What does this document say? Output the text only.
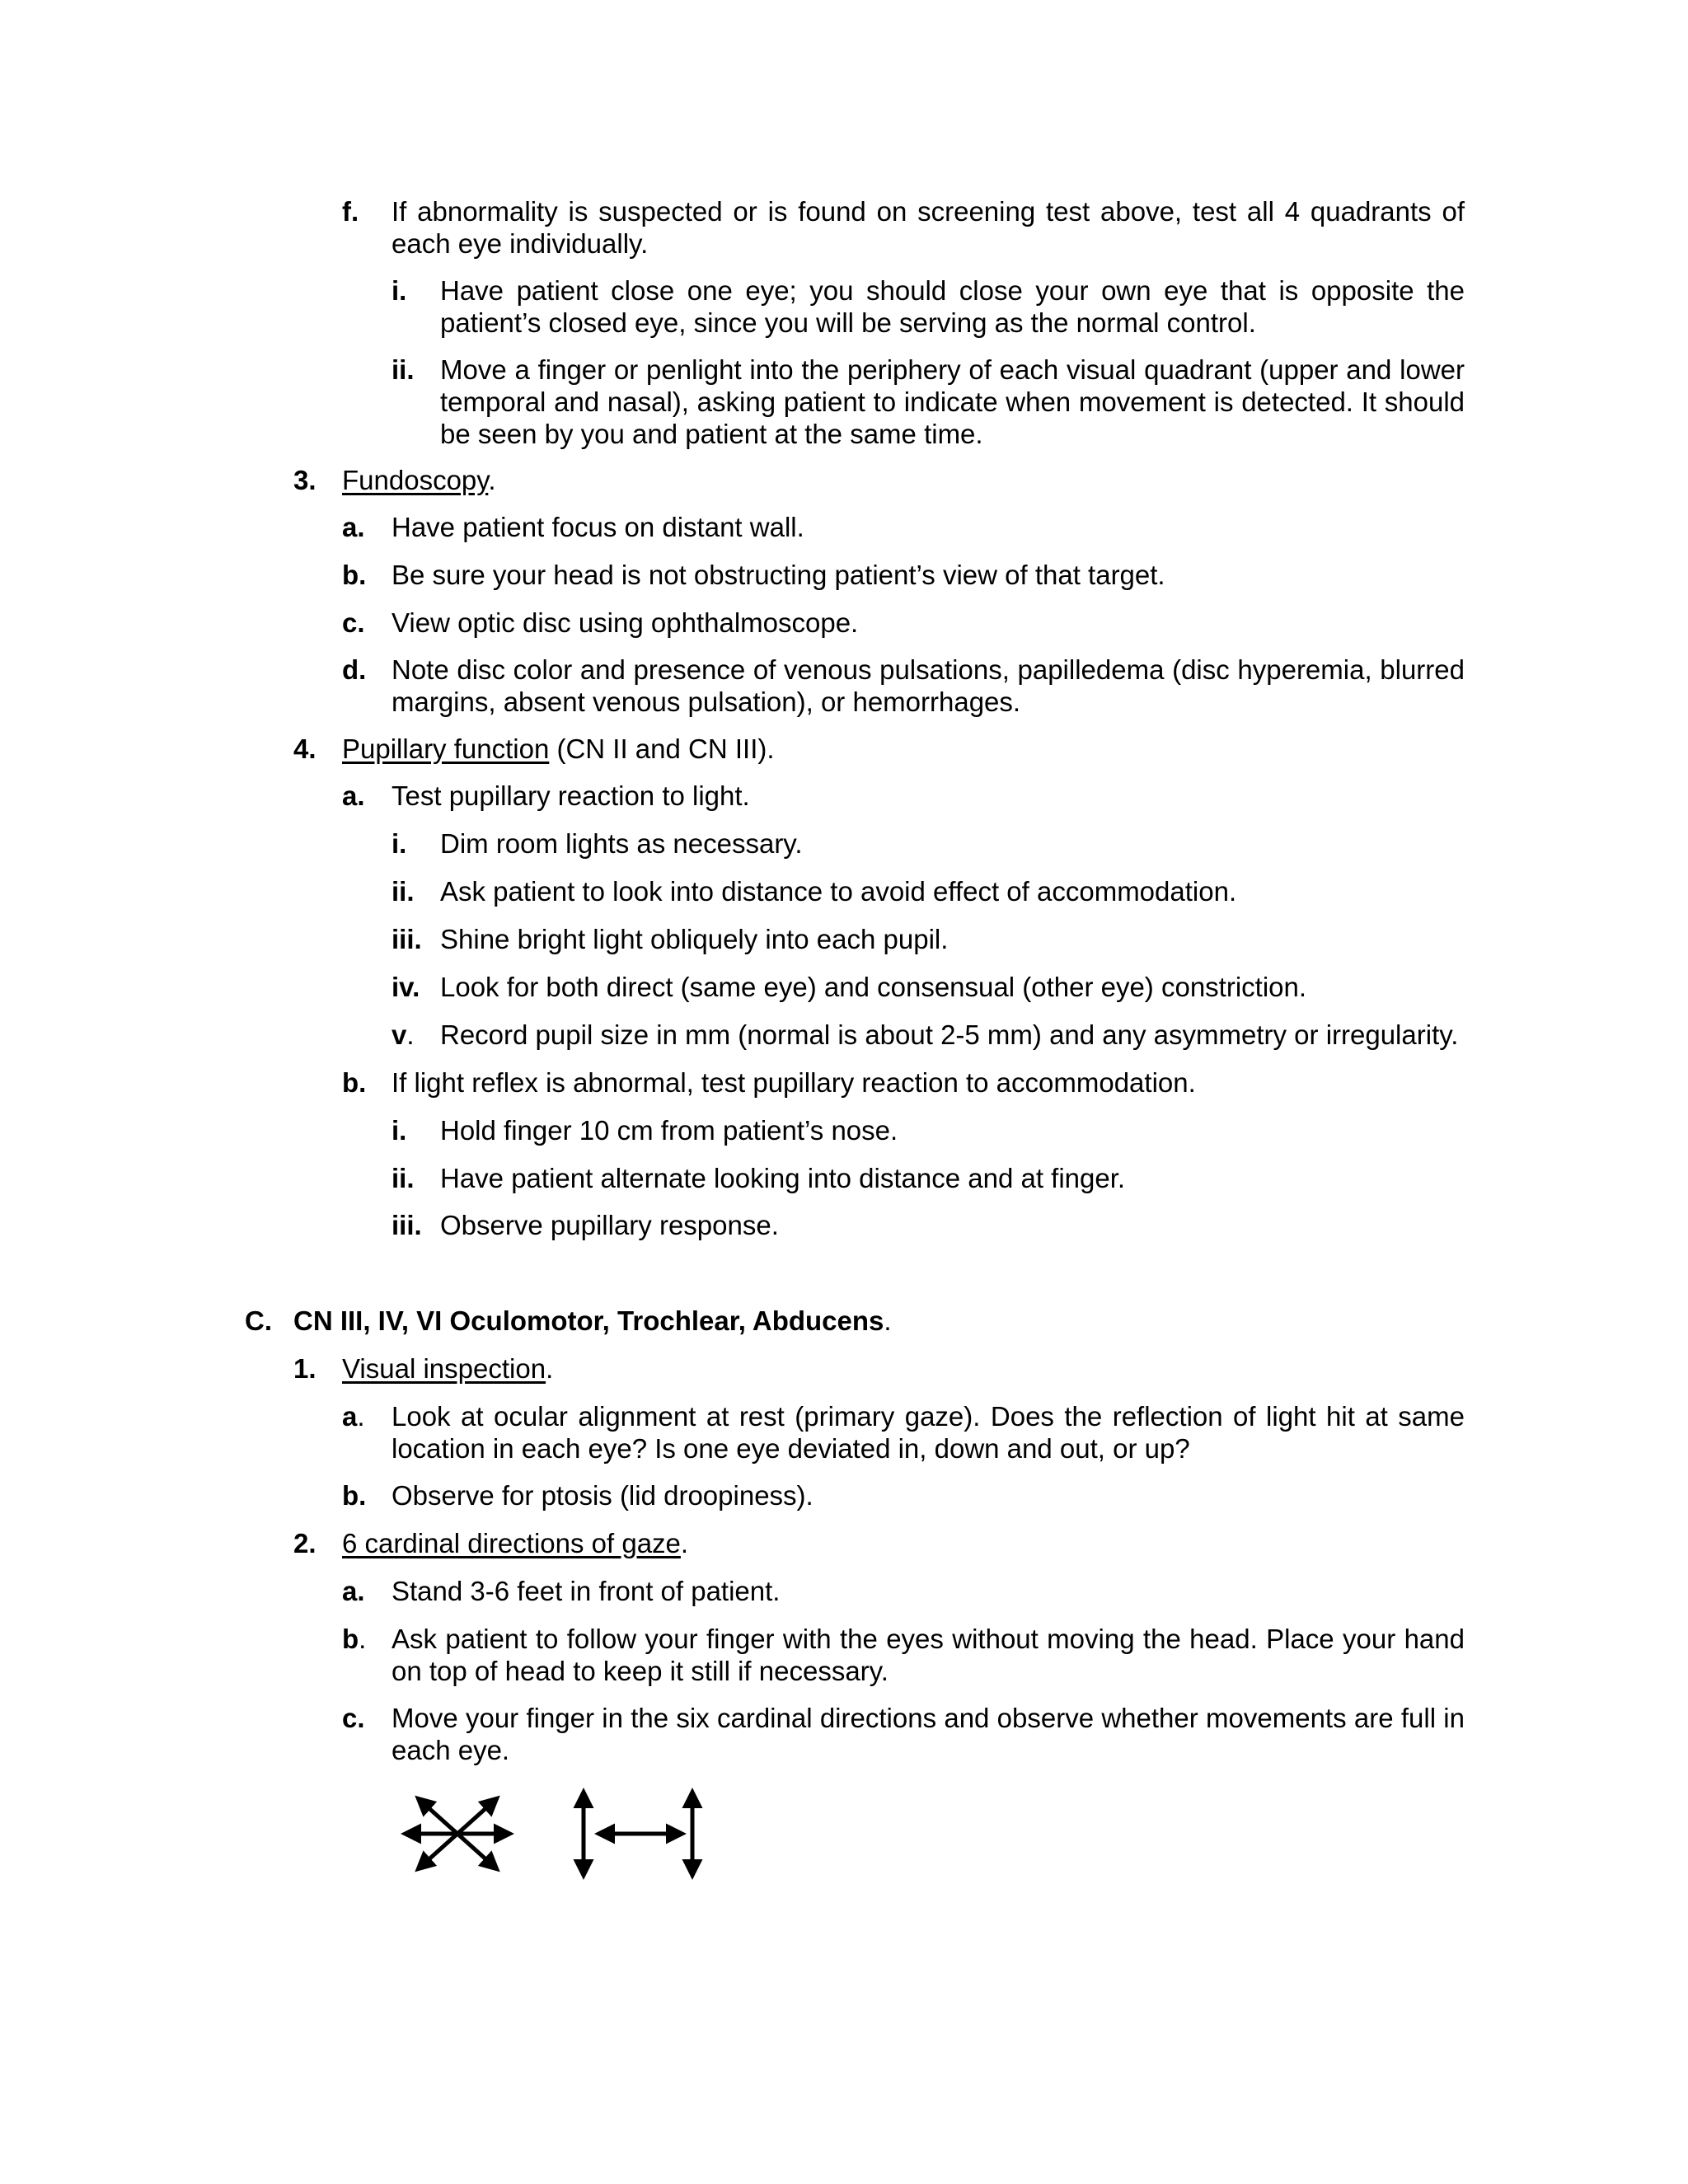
f. If abnormality is suspected or is found on screening test above, test all 4 quadrants of each eye individually.
i. Have patient close one eye; you should close your own eye that is opposite the patient’s closed eye, since you will be serving as the normal control.
ii. Move a finger or penlight into the periphery of each visual quadrant (upper and lower temporal and nasal), asking patient to indicate when movement is detected. It should be seen by you and patient at the same time.
3. Fundoscopy.
a. Have patient focus on distant wall.
b. Be sure your head is not obstructing patient’s view of that target.
c. View optic disc using ophthalmoscope.
d. Note disc color and presence of venous pulsations, papilledema (disc hyperemia, blurred margins, absent venous pulsation), or hemorrhages.
4. Pupillary function (CN II and CN III).
a. Test pupillary reaction to light.
i. Dim room lights as necessary.
ii. Ask patient to look into distance to avoid effect of accommodation.
iii. Shine bright light obliquely into each pupil.
iv. Look for both direct (same eye) and consensual (other eye) constriction.
v. Record pupil size in mm (normal is about 2-5 mm) and any asymmetry or irregularity.
b. If light reflex is abnormal, test pupillary reaction to accommodation.
i. Hold finger 10 cm from patient’s nose.
ii. Have patient alternate looking into distance and at finger.
iii. Observe pupillary response.
C. CN III, IV, VI Oculomotor, Trochlear, Abducens.
1. Visual inspection.
a. Look at ocular alignment at rest (primary gaze). Does the reflection of light hit at same location in each eye? Is one eye deviated in, down and out, or up?
b. Observe for ptosis (lid droopiness).
2. 6 cardinal directions of gaze.
a. Stand 3-6 feet in front of patient.
b. Ask patient to follow your finger with the eyes without moving the head. Place your hand on top of head to keep it still if necessary.
c. Move your finger in the six cardinal directions and observe whether movements are full in each eye.
